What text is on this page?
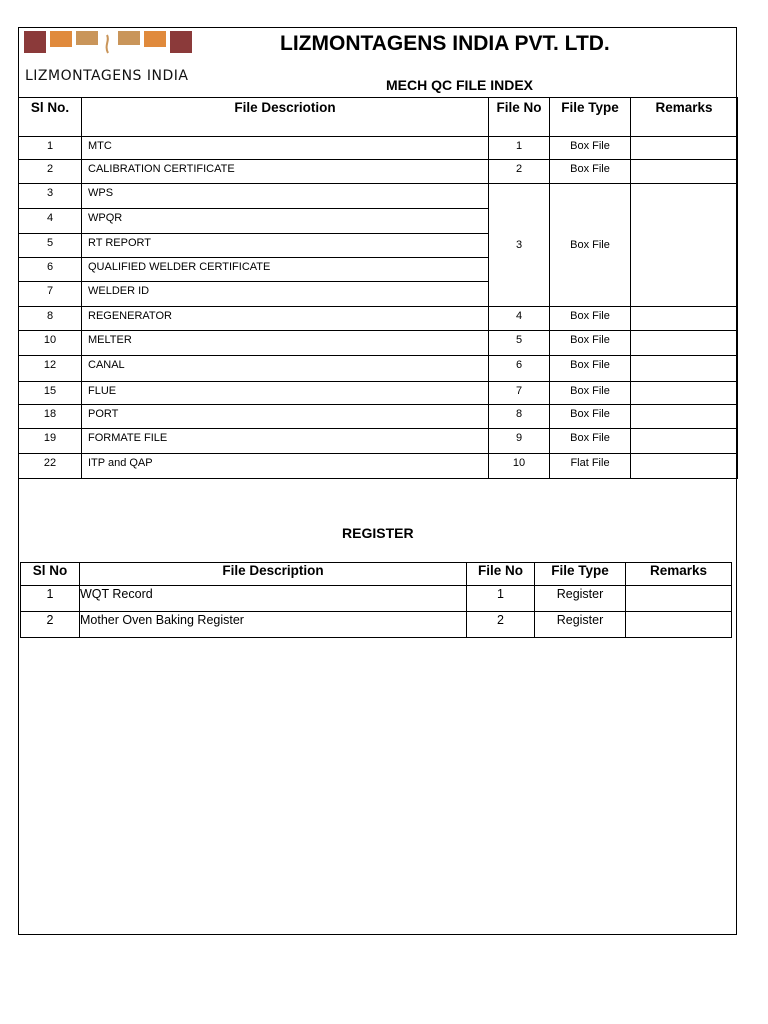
LIZMONTAGENS INDIA
LIZMONTAGENS INDIA PVT. LTD.
MECH QC FILE INDEX
Sl No.	File Descriotion	File No	File Type	Remarks
1	MTC	1	Box File	
2	CALIBRATION CERTIFICATE	2	Box File	
3	WPS	3	Box File	
4	WPQR			
5	RT REPORT			
6	QUALIFIED WELDER CERTIFICATE			
7	WELDER ID			
8	REGENERATOR	4	Box File	
10	MELTER	5	Box File	
12	CANAL	6	Box File	
15	FLUE	7	Box File	
18	PORT	8	Box File	
19	FORMATE FILE	9	Box File	
22	ITP and QAP	10	Flat File	
REGISTER
Sl No	File Description	File No	File Type	Remarks
1	WQT Record	1	Register	
2	Mother Oven Baking Register	2	Register	
